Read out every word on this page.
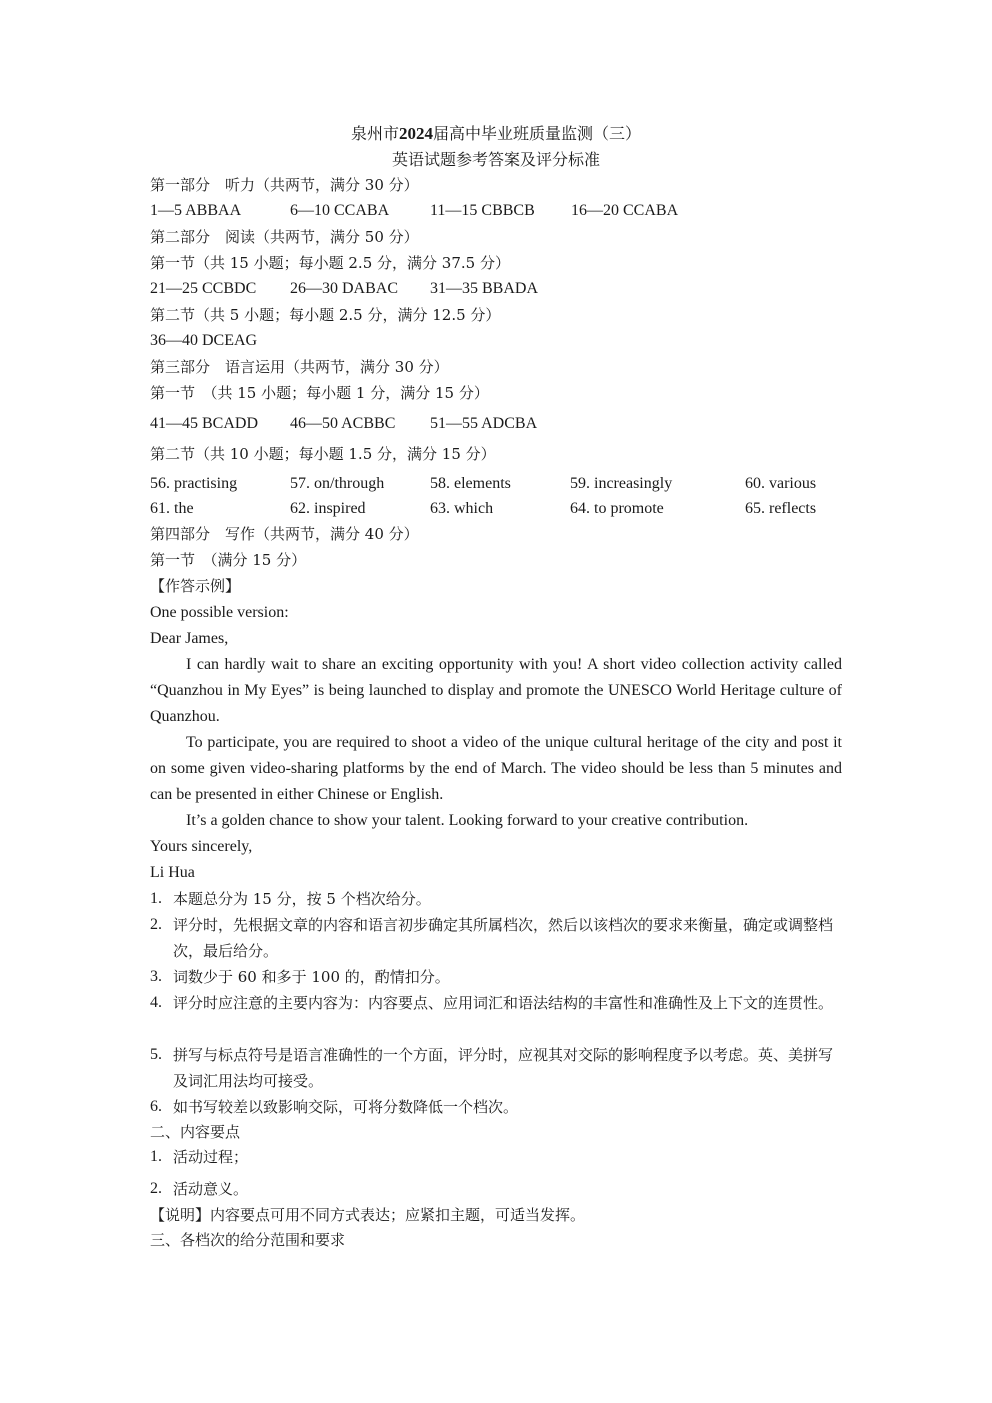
泉州市2024届高中毕业班质量监测（三）
英语试题参考答案及评分标准
第一部分　听力（共两节，满分 30 分）
1—5 ABBAA	6—10 CCABA	11—15 CBBCB 16—20 CCABA
第二部分　阅读（共两节，满分 50 分）
第一节（共 15 小题；每小题 2.5 分，满分 37.5 分）
21—25 CCBDC 26—30 DABAC 31—35 BBADA
第二节（共 5 小题；每小题 2.5 分，满分 12.5 分）
36—40 DCEAG
第三部分　语言运用（共两节，满分 30 分）
第一节　（共 15 小题；每小题 1 分，满分 15 分）
41—45 BCADD 46—50 ACBBC 51—55 ADCBA
第二节（共 10 小题；每小题 1.5 分，满分 15 分）
56. practising	57. on/through	58. elements	59. increasingly	60. various
61. the	62. inspired	63. which	64. to promote	65. reflects
第四部分　写作（共两节，满分 40 分）
第一节　（满分 15 分）
【作答示例】
One possible version:
Dear James,
I can hardly wait to share an exciting opportunity with you! A short video collection activity called “Quanzhou in My Eyes” is being launched to display and promote the UNESCO World Heritage culture of Quanzhou.
To participate, you are required to shoot a video of the unique cultural heritage of the city and post it on some given video-sharing platforms by the end of March. The video should be less than 5 minutes and can be presented in either Chinese or English.
It’s a golden chance to show your talent. Looking forward to your creative contribution.
Yours sincerely,
Li Hua
1. 本题总分为 15 分，按 5 个档次给分。
2. 评分时，先根据文章的内容和语言初步确定其所属档次，然后以该档次的要求来衡量，确定或调整档次，最后给分。
3. 词数少于 60 和多于 100 的，酌情扣分。
4. 评分时应注意的主要内容为：内容要点、应用词汇和语法结构的丰富性和准确性及上下文的连贯性。
5. 拼写与标点符号是语言准确性的一个方面，评分时，应视其对交际的影响程度予以考虑。英、美拼写及词汇用法均可接受。
6. 如书写较差以致影响交际，可将分数降低一个档次。
二、内容要点
1. 活动过程；
2. 活动意义。
【说明】内容要点可用不同方式表达；应紧扣主题，可适当发挥。
三、各档次的给分范围和要求
